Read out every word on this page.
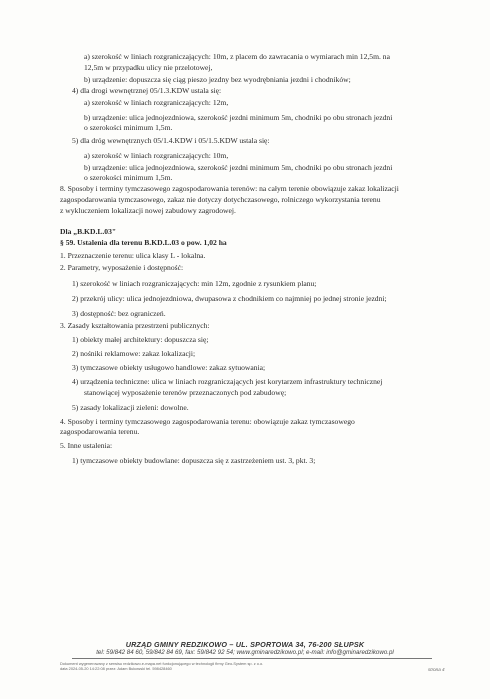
a) szerokość w liniach rozgraniczających: 10m, z placem do zawracania o wymiarach min 12,5m. na
12,5m w przypadku ulicy nie przelotowej,
b) urządzenie: dopuszcza się ciąg pieszo jezdny bez wyodrębniania jezdni i chodników;
4) dla drogi wewnętrznej 05/1.3.KDW ustala się:
a) szerokość w liniach rozgraniczających: 12m,
b) urządzenie: ulica jednojezdniowa, szerokość jezdni minimum 5m, chodniki po obu stronach jezdni
o szerokości minimum 1,5m.
5) dla dróg wewnętrznych 05/1.4.KDW i 05/1.5.KDW ustala się:
a) szerokość w liniach rozgraniczających: 10m,
b) urządzenie: ulica jednojezdniowa, szerokość jezdni minimum 5m, chodniki po obu stronach jezdni
o szerokości minimum 1,5m.
8. Sposoby i terminy tymczasowego zagospodarowania terenów: na całym terenie obowiązuje zakaz lokalizacji
zagospodarowania tymczasowego, zakaz nie dotyczy dotychczasowego, rolniczego wykorzystania terenu
z wykluczeniem lokalizacji nowej zabudowy zagrodowej.
Dla „B.KD.L.03"
§ 59. Ustalenia dla terenu B.KD.L.03 o pow. 1,02 ha
1. Przeznaczenie terenu: ulica klasy L - lokalna.
2. Parametry, wyposażenie i dostępność:
1) szerokość w liniach rozgraniczających: min 12m, zgodnie z rysunkiem planu;
2) przekrój ulicy: ulica jednojezdniowa, dwupasowa z chodnikiem co najmniej po jednej stronie jezdni;
3) dostępność: bez ograniczeń.
3. Zasady kształtowania przestrzeni publicznych:
1) obiekty małej architektury: dopuszcza się;
2) nośniki reklamowe: zakaz lokalizacji;
3) tymczasowe obiekty usługowo handlowe: zakaz sytuowania;
4) urządzenia techniczne: ulica w liniach rozgraniczających jest korytarzem infrastruktury technicznej
stanowiącej wyposażenie terenów przeznaczonych pod zabudowę;
5) zasady lokalizacji zieleni: dowolne.
4. Sposoby i terminy tymczasowego zagospodarowania terenu: obowiązuje zakaz tymczasowego
zagospodarowania terenu.
5. Inne ustalenia:
1) tymczasowe obiekty budowlane: dopuszcza się z zastrzeżeniem ust. 3, pkt. 3;
URZĄD GMINY REDZIKOWO – UL. SPORTOWA 34, 76-200 SŁUPSK
tel: 59/842 84 60, 59/842 84 69, fax: 59/842 92 54; www.gminaredzikowo.pl; e-mail: info@gminaredzikowo.pl
Dokument wygenerowany z serwisu redzikowo.e-mapa.net funkcjonującego w technologii firmy Geo-System sp. z o.o.
data 2024-05-20 14:22:08 przez: Adam Bukowski tel. 598428460	strona 4
